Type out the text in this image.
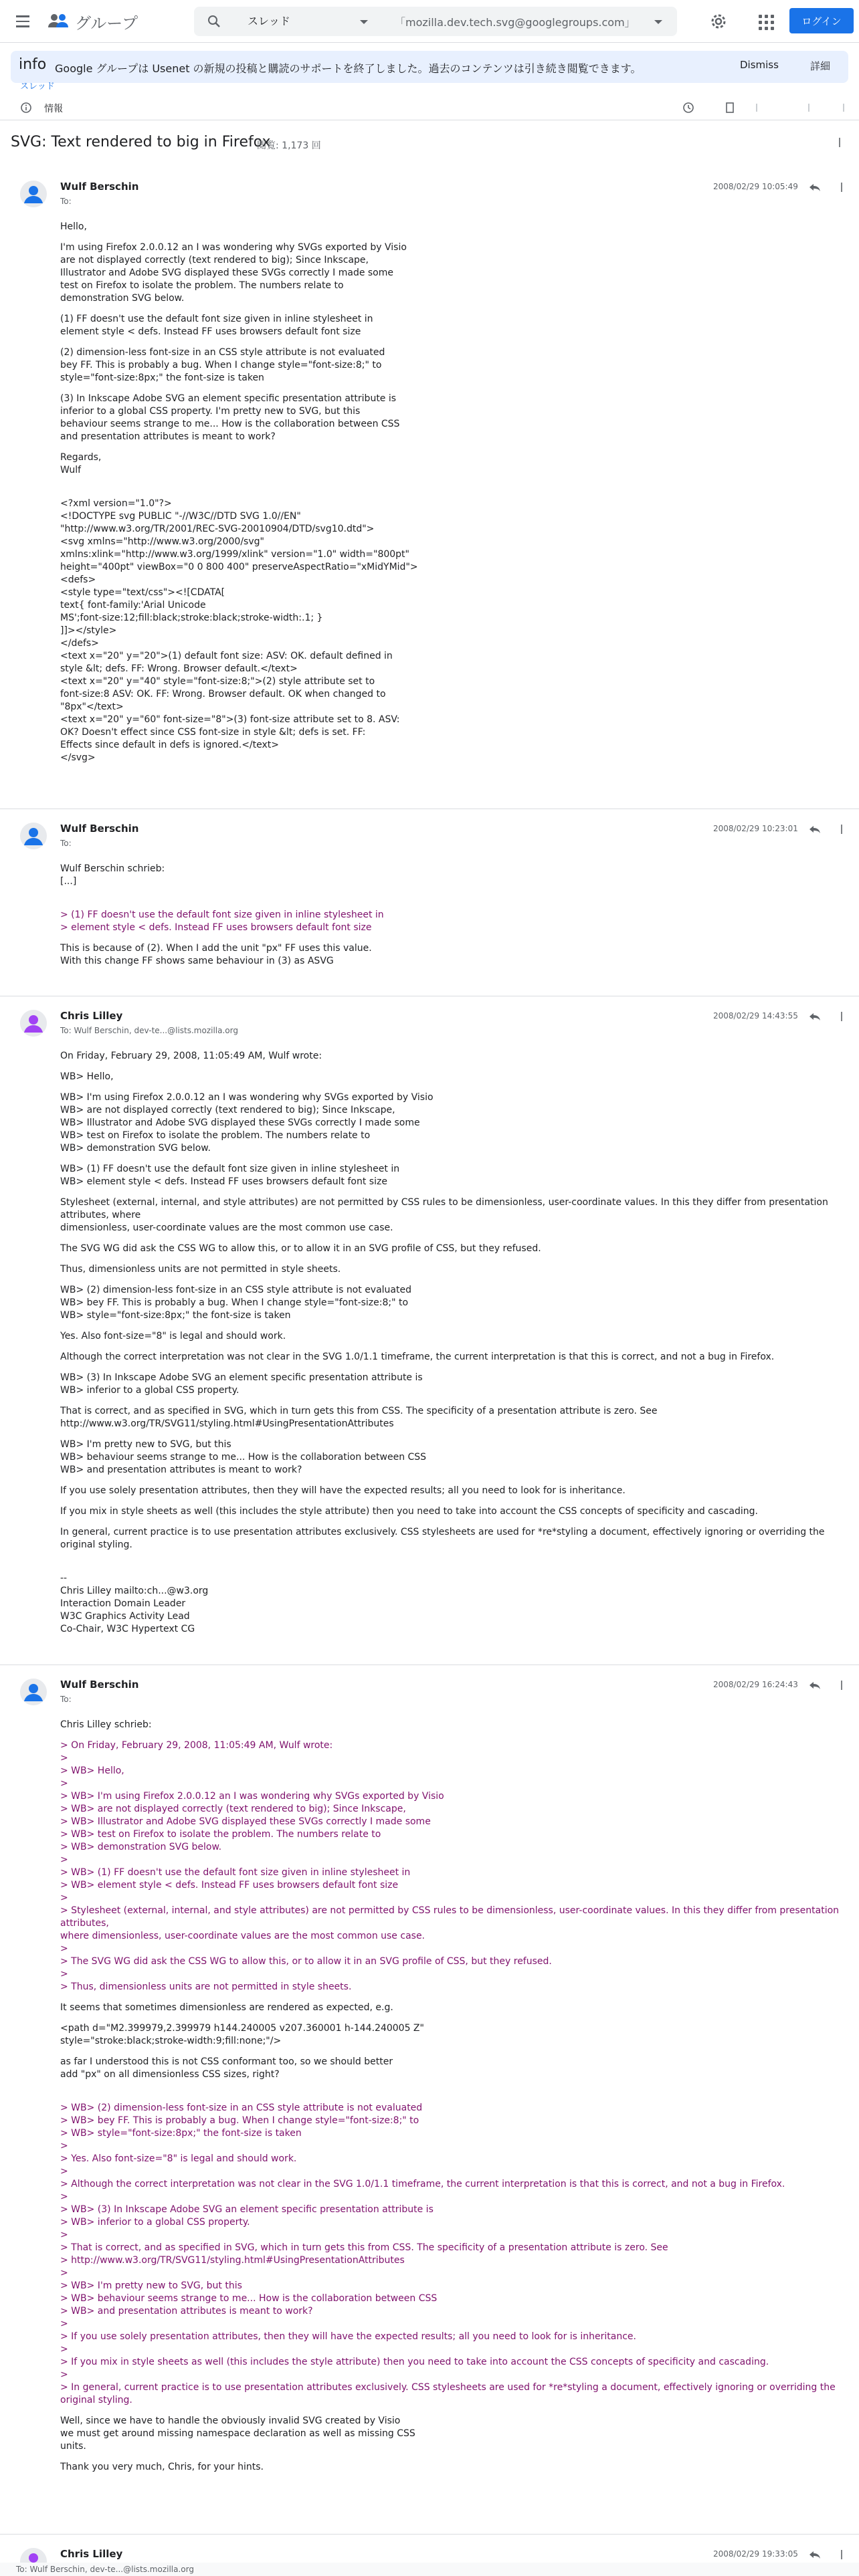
グループ	スレッド
「mozilla.dev.tech.svg@googlegroups.com」	ログイン
info Google グループは Usenet の新規の投稿と購読のサポートを終了しました。過去のコンテンツは引き続き閲覧できます。	Dismiss	詳細
スレッド
情報
SVG: Text rendered to big in Firefox
閲覧: 1,173 回
Wulf Berschin
To:
2008/02/29 10:05:49

Hello,

I'm using Firefox 2.0.0.12 an I was wondering why SVGs exported by Visio
are not displayed correctly (text rendered to big); Since Inkscape,
Illustrator and Adobe SVG displayed these SVGs correctly I made some
test on Firefox to isolate the problem. The numbers relate to
demonstration SVG below.

(1) FF doesn't use the default font size given in inline stylesheet in
element style < defs. Instead FF uses browsers default font size

(2) dimension-less font-size in an CSS style attribute is not evaluated
bey FF. This is probably a bug. When I change style="font-size:8;" to
style="font-size:8px;" the font-size is taken

(3) In Inkscape Adobe SVG an element specific presentation attribute is
inferior to a global CSS property. I'm pretty new to SVG, but this
behaviour seems strange to me... How is the collaboration between CSS
and presentation attributes is meant to work?

Regards,
Wulf

<?xml version="1.0"?>
<!DOCTYPE svg PUBLIC "-//W3C//DTD SVG 1.0//EN"
"http://www.w3.org/TR/2001/REC-SVG-20010904/DTD/svg10.dtd">
<svg xmlns="http://www.w3.org/2000/svg"
xmlns:xlink="http://www.w3.org/1999/xlink" version="1.0" width="800pt"
height="400pt" viewBox="0 0 800 400" preserveAspectRatio="xMidYMid">
<defs>
<style type="text/css"><![CDATA[
text{ font-family:'Arial Unicode
MS';font-size:12;fill:black;stroke:black;stroke-width:.1; }
]]></style>
</defs>
<text x="20" y="20">(1) default font size: ASV: OK. default defined in
style &lt; defs. FF: Wrong. Browser default.</text>
<text x="20" y="40" style="font-size:8;">(2) style attribute set to
font-size:8 ASV: OK. FF: Wrong. Browser default. OK when changed to
"8px"</text>
<text x="20" y="60" font-size="8">(3) font-size attribute set to 8. ASV:
OK? Doesn't effect since CSS font-size in style &lt; defs is set. FF:
Effects since default in defs is ignored.</text>
</svg>

Wulf Berschin
To:
2008/02/29 10:23:01

Wulf Berschin schrieb:
[...]

> (1) FF doesn't use the default font size given in inline stylesheet in
> element style < defs. Instead FF uses browsers default font size

This is because of (2). When I add the unit "px" FF uses this value.
With this change FF shows same behaviour in (3) as ASVG

Chris Lilley
To: Wulf Berschin, dev-te...@lists.mozilla.org
2008/02/29 14:43:55

On Friday, February 29, 2008, 11:05:49 AM, Wulf wrote:

WB> Hello,

WB> I'm using Firefox 2.0.0.12 an I was wondering why SVGs exported by Visio
WB> are not displayed correctly (text rendered to big); Since Inkscape,
WB> Illustrator and Adobe SVG displayed these SVGs correctly I made some
WB> test on Firefox to isolate the problem. The numbers relate to
WB> demonstration SVG below.

WB> (1) FF doesn't use the default font size given in inline stylesheet in
WB> element style < defs. Instead FF uses browsers default font size

Stylesheet (external, internal, and style attributes) are not permitted by CSS rules to be dimensionless, user-coordinate values. In this they differ from presentation attributes, where
dimensionless, user-coordinate values are the most common use case.

The SVG WG did ask the CSS WG to allow this, or to allow it in an SVG profile of CSS, but they refused.

Thus, dimensionless units are not permitted in style sheets.

WB> (2) dimension-less font-size in an CSS style attribute is not evaluated
WB> bey FF. This is probably a bug. When I change style="font-size:8;" to
WB> style="font-size:8px;" the font-size is taken

Yes. Also font-size="8" is legal and should work.

Although the correct interpretation was not clear in the SVG 1.0/1.1 timeframe, the current interpretation is that this is correct, and not a bug in Firefox.

WB> (3) In Inkscape Adobe SVG an element specific presentation attribute is
WB> inferior to a global CSS property.

That is correct, and as specified in SVG, which in turn gets this from CSS. The specificity of a presentation attribute is zero. See
http://www.w3.org/TR/SVG11/styling.html#UsingPresentationAttributes

WB> I'm pretty new to SVG, but this
WB> behaviour seems strange to me... How is the collaboration between CSS
WB> and presentation attributes is meant to work?

If you use solely presentation attributes, then they will have the expected results; all you need to look for is inheritance.

If you mix in style sheets as well (this includes the style attribute) then you need to take into account the CSS concepts of specificity and cascading.

In general, current practice is to use presentation attributes exclusively. CSS stylesheets are used for *re*styling a document, effectively ignoring or overriding the original styling.

--
Chris Lilley mailto:ch...@w3.org
Interaction Domain Leader
W3C Graphics Activity Lead
Co-Chair, W3C Hypertext CG

Wulf Berschin
To:
2008/02/29 16:24:43

Chris Lilley schrieb:

> On Friday, February 29, 2008, 11:05:49 AM, Wulf wrote:
>
> WB> Hello,
>
> WB> I'm using Firefox 2.0.0.12 an I was wondering why SVGs exported by Visio
> WB> are not displayed correctly (text rendered to big); Since Inkscape,
> WB> Illustrator and Adobe SVG displayed these SVGs correctly I made some
> WB> test on Firefox to isolate the problem. The numbers relate to
> WB> demonstration SVG below.
>
> WB> (1) FF doesn't use the default font size given in inline stylesheet in
> WB> element style < defs. Instead FF uses browsers default font size
>
> Stylesheet (external, internal, and style attributes) are not permitted by CSS rules to be dimensionless, user-coordinate values. In this they differ from presentation attributes,
where dimensionless, user-coordinate values are the most common use case.
>
> The SVG WG did ask the CSS WG to allow this, or to allow it in an SVG profile of CSS, but they refused.
>
> Thus, dimensionless units are not permitted in style sheets.

It seems that sometimes dimensionless are rendered as expected, e.g.

<path d="M2.399979,2.399979 h144.240005 v207.360001 h-144.240005 Z"
style="stroke:black;stroke-width:9;fill:none;"/>

as far I understood this is not CSS conformant too, so we should better
add "px" on all dimensionless CSS sizes, right?

> WB> (2) dimension-less font-size in an CSS style attribute is not evaluated
> WB> bey FF. This is probably a bug. When I change style="font-size:8;" to
> WB> style="font-size:8px;" the font-size is taken
>
> Yes. Also font-size="8" is legal and should work.
>
> Although the correct interpretation was not clear in the SVG 1.0/1.1 timeframe, the current interpretation is that this is correct, and not a bug in Firefox.
>
> WB> (3) In Inkscape Adobe SVG an element specific presentation attribute is
> WB> inferior to a global CSS property.
>
> That is correct, and as specified in SVG, which in turn gets this from CSS. The specificity of a presentation attribute is zero. See
> http://www.w3.org/TR/SVG11/styling.html#UsingPresentationAttributes
>
> WB> I'm pretty new to SVG, but this
> WB> behaviour seems strange to me... How is the collaboration between CSS
> WB> and presentation attributes is meant to work?
>
> If you use solely presentation attributes, then they will have the expected results; all you need to look for is inheritance.
>
> If you mix in style sheets as well (this includes the style attribute) then you need to take into account the CSS concepts of specificity and cascading.
>
> In general, current practice is to use presentation attributes exclusively. CSS stylesheets are used for *re*styling a document, effectively ignoring or overriding the original styling.

Well, since we have to handle the obviously invalid SVG created by Visio
we must get around missing namespace declaration as well as missing CSS
units.

Thank you very much, Chris, for your hints.

Chris Lilley	2008/02/29 19:33:05
To: Wulf Berschin, dev-te...@lists.mozilla.org
